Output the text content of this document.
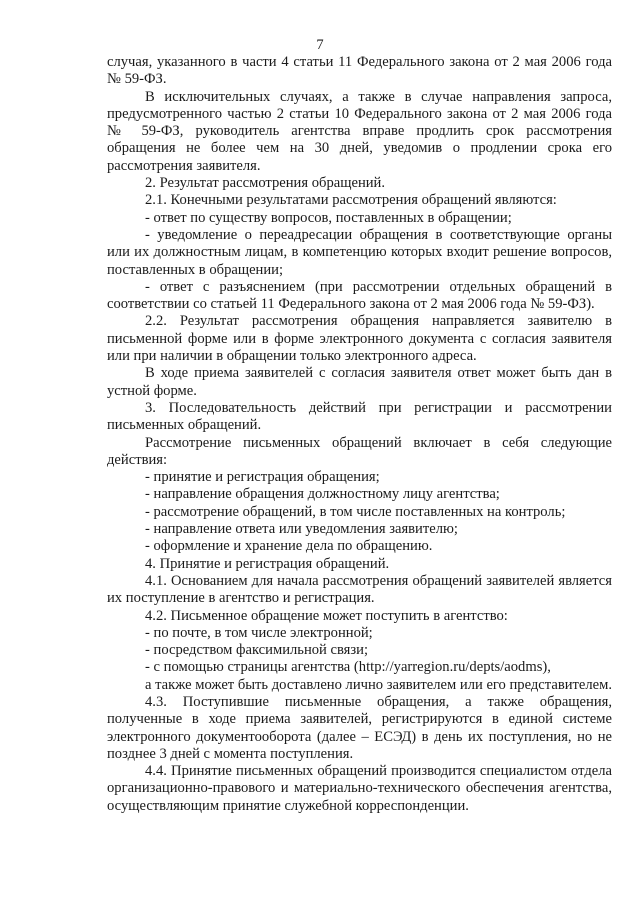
7

случая, указанного в части 4 статьи 11 Федерального закона от 2 мая 2006 года № 59-ФЗ.

В исключительных случаях, а также в случае направления запроса, предусмотренного частью 2 статьи 10 Федерального закона от 2 мая 2006 года № 59-ФЗ, руководитель агентства вправе продлить срок рассмотрения обращения не более чем на 30 дней, уведомив о продлении срока его рассмотрения заявителя.

2. Результат рассмотрения обращений.

2.1. Конечными результатами рассмотрения обращений являются:

- ответ по существу вопросов, поставленных в обращении;

- уведомление о переадресации обращения в соответствующие органы или их должностным лицам, в компетенцию которых входит решение вопросов, поставленных в обращении;

- ответ с разъяснением (при рассмотрении отдельных обращений в соответствии со статьей 11 Федерального закона от 2 мая 2006 года № 59-ФЗ).

2.2. Результат рассмотрения обращения направляется заявителю в письменной форме или в форме электронного документа с согласия заявителя или при наличии в обращении только электронного адреса.

В ходе приема заявителей с согласия заявителя ответ может быть дан в устной форме.

3. Последовательность действий при регистрации и рассмотрении письменных обращений.

Рассмотрение письменных обращений включает в себя следующие действия:

- принятие и регистрация обращения;

- направление обращения должностному лицу агентства;

- рассмотрение обращений, в том числе поставленных на контроль;

- направление ответа или уведомления заявителю;

- оформление и хранение дела по обращению.

4. Принятие и регистрация обращений.

4.1. Основанием для начала рассмотрения обращений заявителей является их поступление в агентство и регистрация.

4.2. Письменное обращение может поступить в агентство:

- по почте, в том числе электронной;

- посредством факсимильной связи;

- с помощью страницы агентства (http://yarregion.ru/depts/aodms),

а также может быть доставлено лично заявителем или его представителем.

4.3. Поступившие письменные обращения, а также обращения, полученные в ходе приема заявителей, регистрируются в единой системе электронного документооборота (далее – ЕСЭД) в день их поступления, но не позднее 3 дней с момента поступления.

4.4. Принятие письменных обращений производится специалистом отдела организационно-правового и материально-технического обеспечения агентства, осуществляющим принятие служебной корреспонденции.
